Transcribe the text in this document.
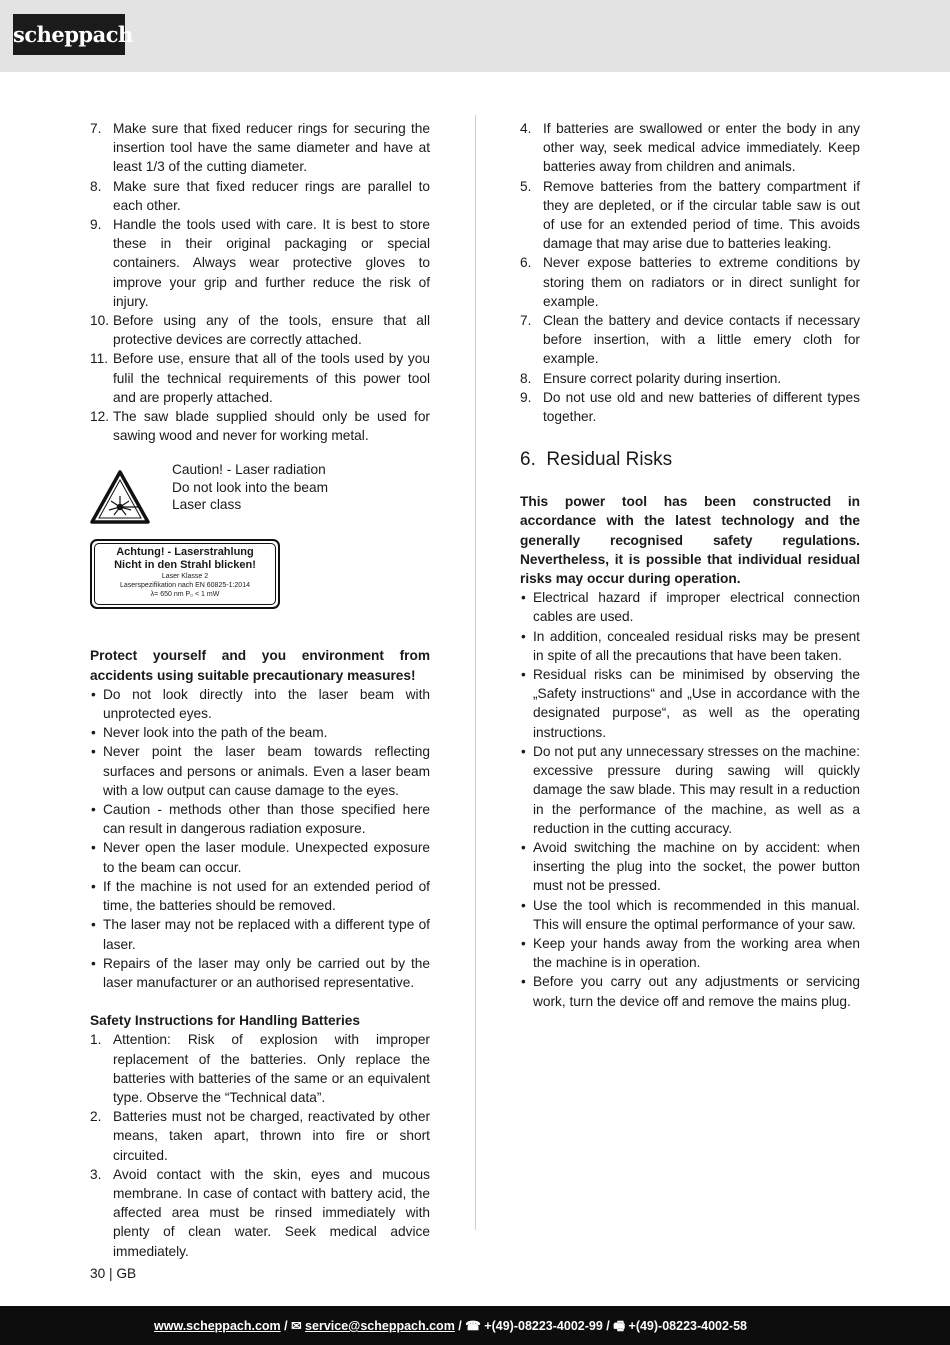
scheppach
7. Make sure that fixed reducer rings for securing the insertion tool have the same diameter and have at least 1/3 of the cutting diameter.
8. Make sure that fixed reducer rings are parallel to each other.
9. Handle the tools used with care. It is best to store these in their original packaging or special containers. Always wear protective gloves to improve your grip and further reduce the risk of injury.
10. Before using any of the tools, ensure that all protective devices are correctly attached.
11. Before use, ensure that all of the tools used by you fulil the technical requirements of this power tool and are properly attached.
12. The saw blade supplied should only be used for sawing wood and never for working metal.
Caution! - Laser radiation
Do not look into the beam
Laser class
Achtung! - Laserstrahlung
Nicht in den Strahl blicken!
Laser Klasse 2
Laserspezifikation nach EN 60825-1:2014
λ= 650 nm P₀ < 1 mW
Protect yourself and you environment from accidents using suitable precautionary measures!
• Do not look directly into the laser beam with unprotected eyes.
• Never look into the path of the beam.
• Never point the laser beam towards reflecting surfaces and persons or animals. Even a laser beam with a low output can cause damage to the eyes.
• Caution - methods other than those specified here can result in dangerous radiation exposure.
• Never open the laser module. Unexpected exposure to the beam can occur.
• If the machine is not used for an extended period of time, the batteries should be removed.
• The laser may not be replaced with a different type of laser.
• Repairs of the laser may only be carried out by the laser manufacturer or an authorised representative.
Safety Instructions for Handling Batteries
1. Attention: Risk of explosion with improper replacement of the batteries. Only replace the batteries with batteries of the same or an equivalent type. Observe the “Technical data”.
2. Batteries must not be charged, reactivated by other means, taken apart, thrown into fire or short circuited.
3. Avoid contact with the skin, eyes and mucous membrane. In case of contact with battery acid, the affected area must be rinsed immediately with plenty of clean water. Seek medical advice immediately.
4. If batteries are swallowed or enter the body in any other way, seek medical advice immediately. Keep batteries away from children and animals.
5. Remove batteries from the battery compartment if they are depleted, or if the circular table saw is out of use for an extended period of time. This avoids damage that may arise due to batteries leaking.
6. Never expose batteries to extreme conditions by storing them on radiators or in direct sunlight for example.
7. Clean the battery and device contacts if necessary before insertion, with a little emery cloth for example.
8. Ensure correct polarity during insertion.
9. Do not use old and new batteries of different types together.
6. Residual Risks
This power tool has been constructed in accordance with the latest technology and the generally recognised safety regulations. Nevertheless, it is possible that individual residual risks may occur during operation.
• Electrical hazard if improper electrical connection cables are used.
• In addition, concealed residual risks may be present in spite of all the precautions that have been taken.
• Residual risks can be minimised by observing the „Safety instructions“ and „Use in accordance with the designated purpose“, as well as the operating instructions.
• Do not put any unnecessary stresses on the machine: excessive pressure during sawing will quickly damage the saw blade. This may result in a reduction in the performance of the machine, as well as a reduction in the cutting accuracy.
• Avoid switching the machine on by accident: when inserting the plug into the socket, the power button must not be pressed.
• Use the tool which is recommended in this manual. This will ensure the optimal performance of your saw.
• Keep your hands away from the working area when the machine is in operation.
• Before you carry out any adjustments or servicing work, turn the device off and remove the mains plug.
30 | GB
www.scheppach.com / ✉ service@scheppach.com / ☎ +(49)-08223-4002-99 / 🖷 +(49)-08223-4002-58
